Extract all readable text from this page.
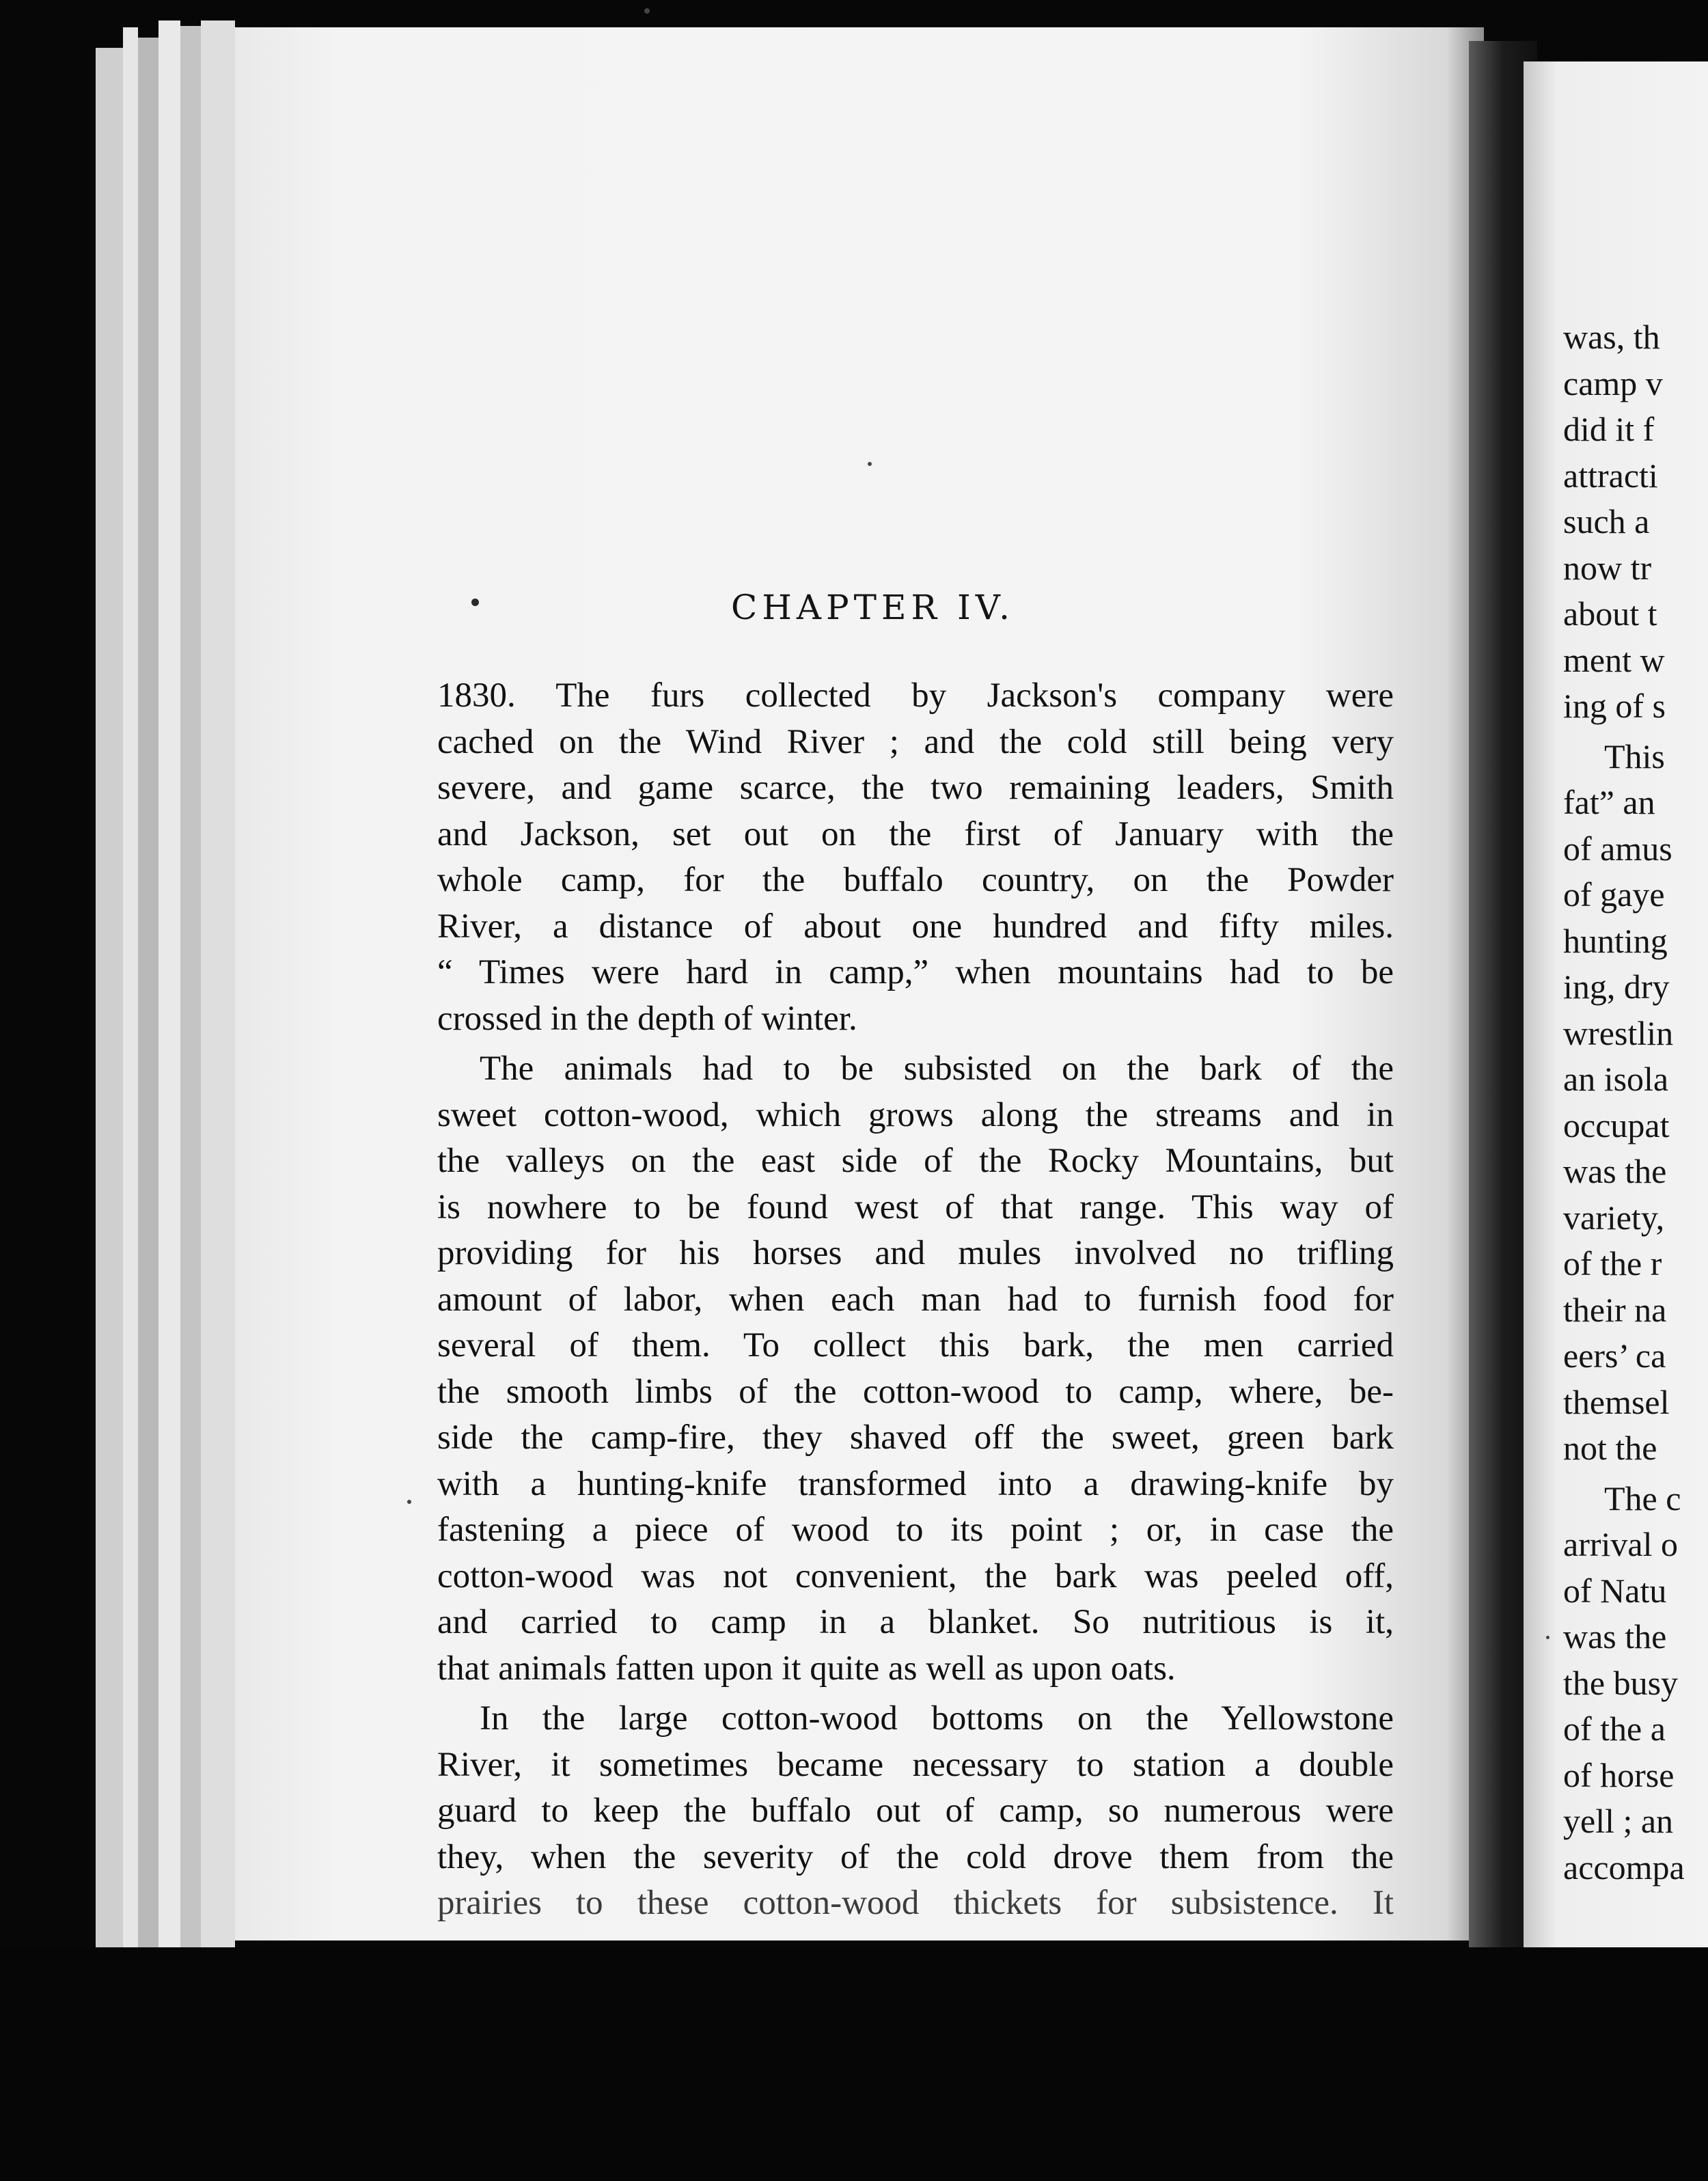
CHAPTER IV.
1830. The furs collected by Jackson's company were
cached on the Wind River ; and the cold still being very
severe, and game scarce, the two remaining leaders, Smith
and Jackson, set out on the first of January with the
whole camp, for the buffalo country, on the Powder
River, a distance of about one hundred and fifty miles.
“ Times were hard in camp,” when mountains had to be
crossed in the depth of winter.
The animals had to be subsisted on the bark of the
sweet cotton-wood, which grows along the streams and in
the valleys on the east side of the Rocky Mountains, but
is nowhere to be found west of that range. This way of
providing for his horses and mules involved no trifling
amount of labor, when each man had to furnish food for
several of them. To collect this bark, the men carried
the smooth limbs of the cotton-wood to camp, where, be-
side the camp-fire, they shaved off the sweet, green bark
with a hunting-knife transformed into a drawing-knife by
fastening a piece of wood to its point ; or, in case the
cotton-wood was not convenient, the bark was peeled off,
and carried to camp in a blanket. So nutritious is it,
that animals fatten upon it quite as well as upon oats.
In the large cotton-wood bottoms on the Yellowstone
River, it sometimes became necessary to station a double
guard to keep the buffalo out of camp, so numerous were
they, when the severity of the cold drove them from the
prairies to these cotton-wood thickets for subsistence. It
was, th
camp v
did it f
attracti
such a
now tr
about t
ment w
ing of s
This
fat” an
of amus
of gaye
hunting
ing, dry
wrestlin
an isola
occupat
was the
variety,
of the r
their na
eers’ ca
themsel
not the
The c
arrival o
of Natu
was the
the busy
of the a
of horse
yell ; an
accompa
